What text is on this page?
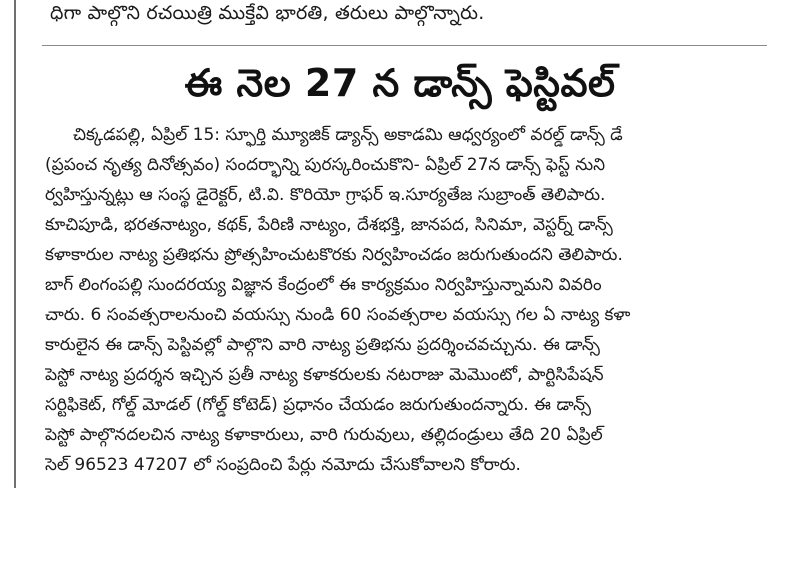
ధిగా పాల్గొని రచయిత్రి ముక్తేవి భారతి, తరులు పాల్గొన్నారు.
ఈ నెల 27 న డాన్స్ ఫెస్టివల్
చిక్కడపల్లి, ఏప్రిల్ 15: స్ఫూర్తి మ్యూజిక్ డ్యాన్స్ అకాడమి ఆధ్వర్యంలో వరల్డ్ డాన్స్ డే
(ప్రపంచ నృత్య దినోత్సవం) సందర్భాన్ని పురస్కరించుకొని- ఏప్రిల్ 27న డాన్స్ ఫెస్ట్ నుని
ర్వహిస్తున్నట్లు ఆ సంస్థ డైరెక్టర్, టి.వి. కొరియో గ్రాఫర్ ఇ.సూర్యతేజ సుబ్రాంత్ తెలిపారు.
కూచిపూడి, భరతనాట్యం, కథక్, పేరిణి నాట్యం, దేశభక్తి, జానపద, సినిమా, వెస్టర్న్ డాన్స్
కళాకారుల నాట్య ప్రతిభను ప్రోత్సహించుటకొరకు నిర్వహించడం జరుగుతుందని తెలిపారు.
బాగ్ లింగంపల్లి సుందరయ్య విజ్ఞాన కేంద్రంలో ఈ కార్యక్రమం నిర్వహిస్తున్నామని వివరిం
చారు. 6 సంవత్సరాలనుంచి వయస్సు నుండి 60 సంవత్సరాల వయస్సు గల ఏ నాట్య కళా
కారులైన ఈ డాన్స్ పెస్టివల్లో పాల్గొని వారి నాట్య ప్రతిభను ప్రదర్శించవచ్చును. ఈ డాన్స్
పెస్టో నాట్య ప్రదర్శన ఇచ్చిన ప్రతీ నాట్య కళాకరులకు నటరాజు మెమొంటో, పార్టిసిపేషన్
సర్టిఫికెట్, గోల్డ్ మోడల్ (గోల్డ్ కోటెడ్) ప్రధానం చేయడం జరుగుతుందన్నారు. ఈ డాన్స్
పెస్టో పాల్గొనదలచిన నాట్య కళాకారులు, వారి గురువులు, తల్లిదండ్రులు తేది 20 ఏప్రిల్
సెల్ 96523 47207 లో సంప్రదించి పేర్లు నమోదు చేసుకోవాలని కోరారు.
